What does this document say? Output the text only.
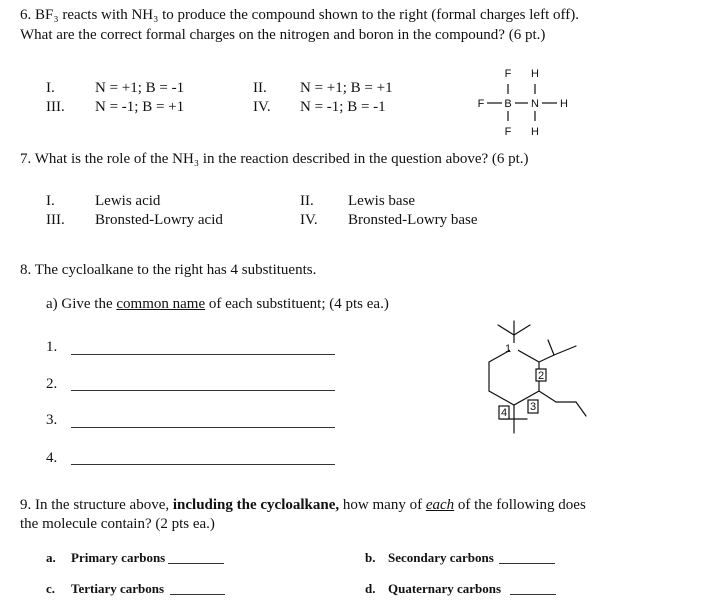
6. BF₃ reacts with NH₃ to produce the compound shown to the right (formal charges left off).
What are the correct formal charges on the nitrogen and boron in the compound? (6 pt.)
I.	N = +1; B = -1	II. N = +1; B = +1
III. N = -1; B = +1	IV. N = -1; B = -1
F H
F B N H
F H
7. What is the role of the NH₃ in the reaction described in the question above? (6 pt.)
I.	Lewis acid	II. Lewis base
III. Bronsted-Lowry acid	IV. Bronsted-Lowry base
8. The cycloalkane to the right has 4 substituents.
a) Give the common name of each substituent; (4 pts ea.)
1.
2.
3.
4.
1
2
3
4
9. In the structure above, including the cycloalkane, how many of each of the following does
the molecule contain? (2 pts ea.)
a. Primary carbons	b. Secondary carbons
c. Tertiary carbons	d. Quaternary carbons
